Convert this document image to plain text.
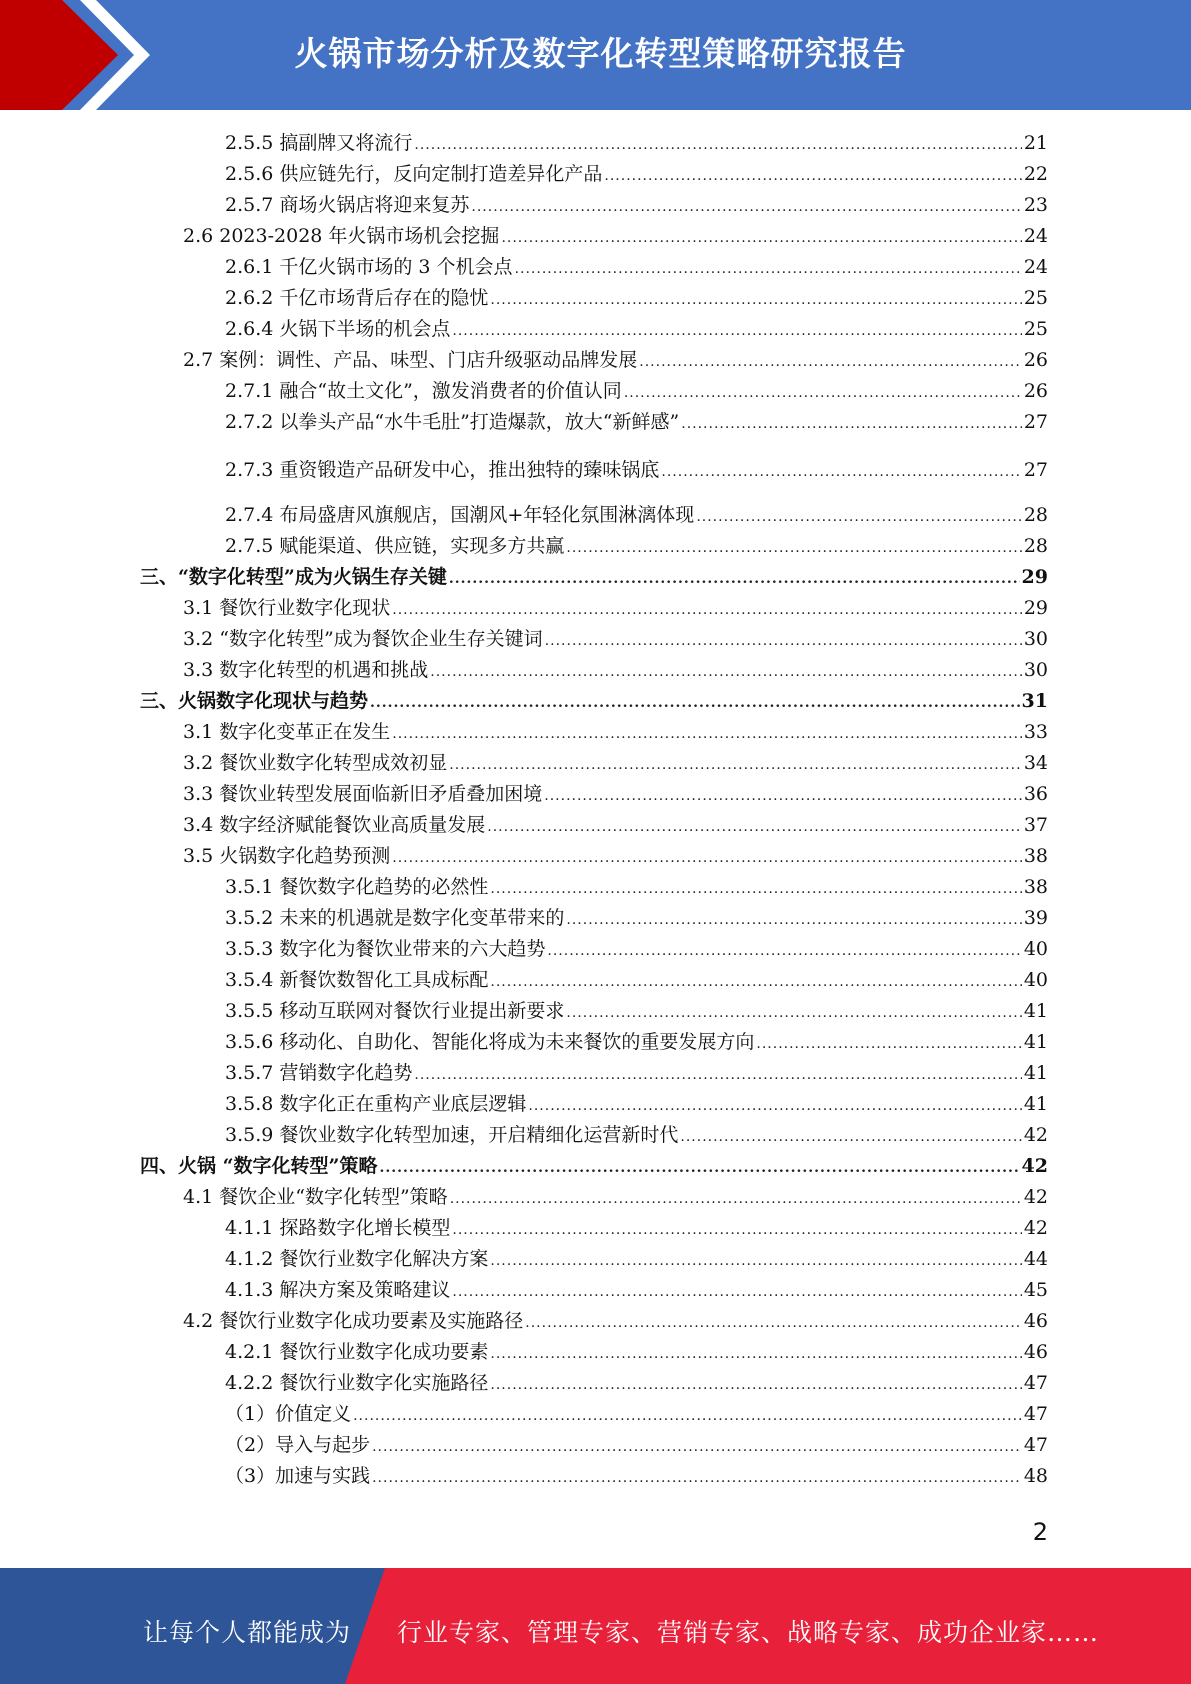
火锅市场分析及数字化转型策略研究报告
2.5.5 搞副牌又将流行 .....	21
2.5.6 供应链先行，反向定制打造差异化产品 .....	22
2.5.7 商场火锅店将迎来复苏 .....	23
2.6 2023-2028 年火锅市场机会挖掘 .....	24
2.6.1 千亿火锅市场的 3 个机会点 .....	24
2.6.2 千亿市场背后存在的隐忧 .....	25
2.6.4 火锅下半场的机会点 .....	25
2.7 案例：调性、产品、味型、门店升级驱动品牌发展 .....	26
2.7.1 融合“故土文化”，激发消费者的价值认同 .....	26
2.7.2 以拳头产品“水牛毛肚”打造爆款，放大“新鲜感” .....	27
2.7.3 重资锻造产品研发中心，推出独特的臻味锅底 .....	27
2.7.4 布局盛唐风旗舰店，国潮风+年轻化氛围淋漓体现 .....	28
2.7.5 赋能渠道、供应链，实现多方共赢 .....	28
三、“数字化转型”成为火锅生存关键 .....	29
3.1 餐饮行业数字化现状 .....	29
3.2 “数字化转型”成为餐饮企业生存关键词 .....	30
3.3 数字化转型的机遇和挑战 .....	30
三、火锅数字化现状与趋势 .....	31
3.1 数字化变革正在发生 .....	33
3.2 餐饮业数字化转型成效初显 .....	34
3.3 餐饮业转型发展面临新旧矛盾叠加困境 .....	36
3.4 数字经济赋能餐饮业高质量发展 .....	37
3.5 火锅数字化趋势预测 .....	38
3.5.1 餐饮数字化趋势的必然性 .....	38
3.5.2 未来的机遇就是数字化变革带来的 .....	39
3.5.3 数字化为餐饮业带来的六大趋势 .....	40
3.5.4 新餐饮数智化工具成标配 .....	40
3.5.5 移动互联网对餐饮行业提出新要求 .....	41
3.5.6 移动化、自助化、智能化将成为未来餐饮的重要发展方向 .....	41
3.5.7 营销数字化趋势 .....	41
3.5.8 数字化正在重构产业底层逻辑 .....	41
3.5.9 餐饮业数字化转型加速，开启精细化运营新时代 .....	42
四、火锅 “数字化转型”策略 .....	42
4.1 餐饮企业“数字化转型”策略 .....	42
4.1.1 探路数字化增长模型 .....	42
4.1.2 餐饮行业数字化解决方案 .....	44
4.1.3 解决方案及策略建议 .....	45
4.2 餐饮行业数字化成功要素及实施路径 .....	46
4.2.1 餐饮行业数字化成功要素 .....	46
4.2.2 餐饮行业数字化实施路径 .....	47
（1）价值定义 .....	47
（2）导入与起步 .....	47
（3）加速与实践 .....	48
2
让每个人都能成为 行业专家、管理专家、营销专家、战略专家、成功企业家……
